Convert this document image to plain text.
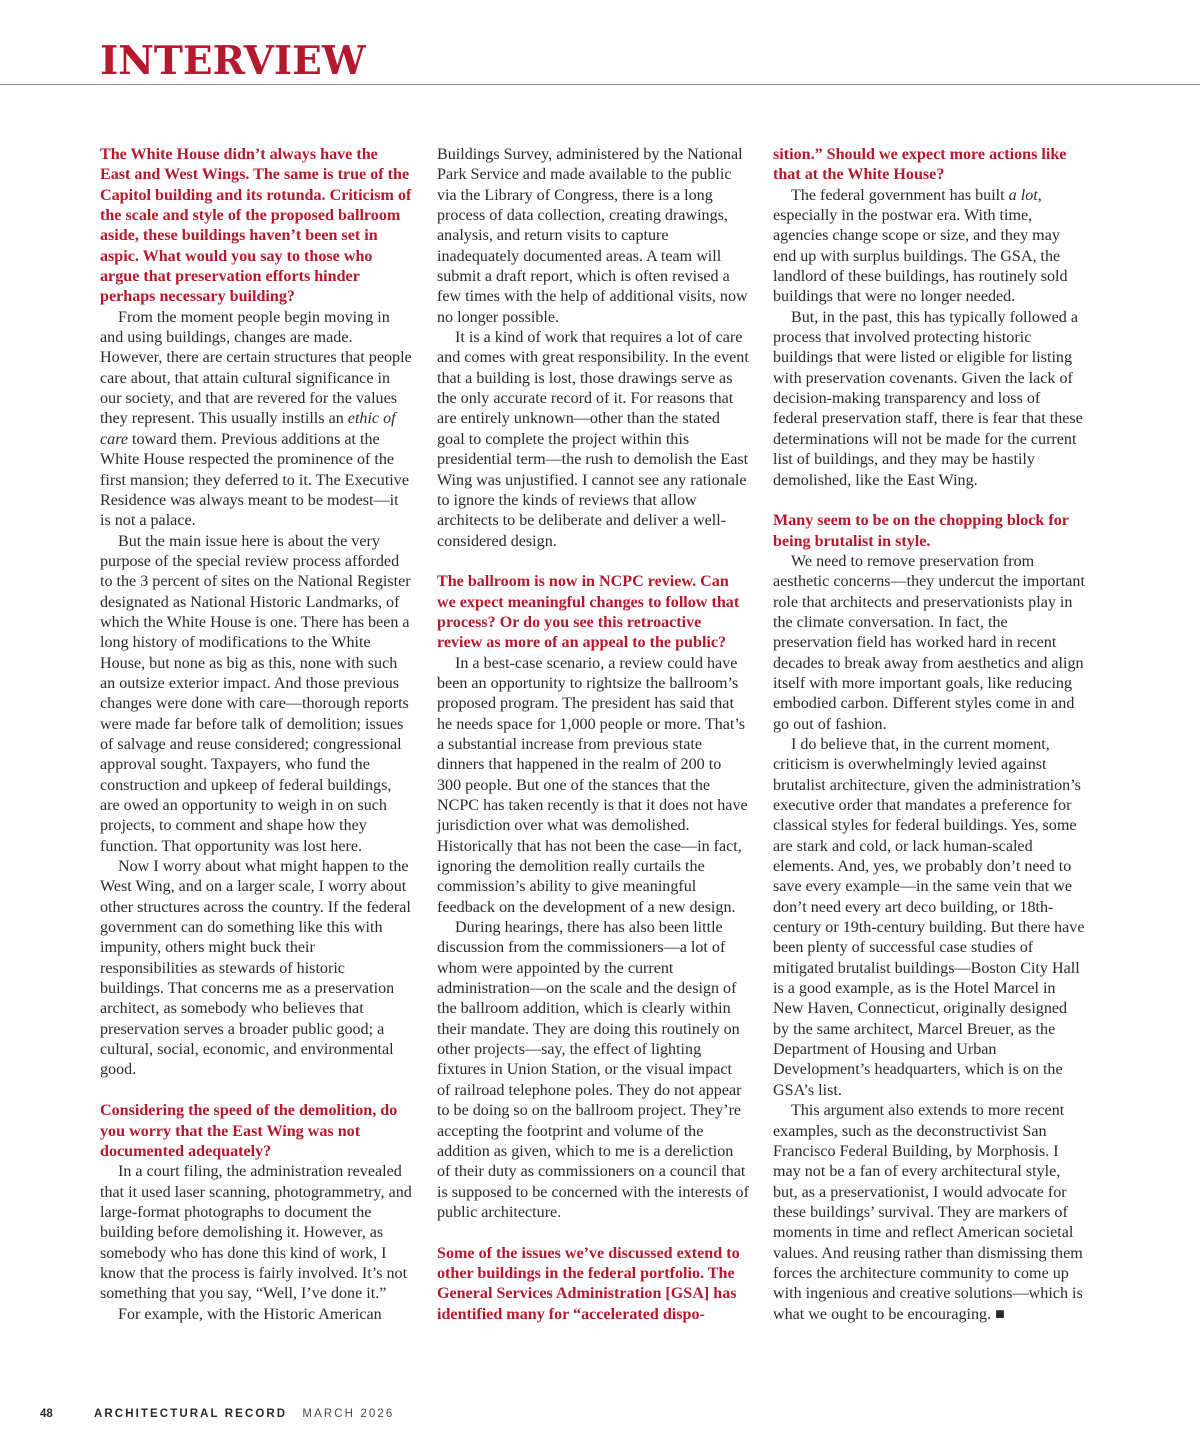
INTERVIEW

The White House didn’t always have the East and West Wings. The same is true of the Capitol building and its rotunda. Criticism of the scale and style of the proposed ballroom aside, these buildings haven’t been set in aspic. What would you say to those who argue that preservation efforts hinder perhaps necessary building?

From the moment people begin moving in and using buildings, changes are made. However, there are certain structures that people care about, that attain cultural significance in our society, and that are revered for the values they represent. This usually instills an ethic of care toward them. Previous additions at the White House respected the prominence of the first mansion; they deferred to it. The Executive Residence was always meant to be modest—it is not a palace.

But the main issue here is about the very purpose of the special review process afforded to the 3 percent of sites on the National Register designated as National Historic Landmarks, of which the White House is one. There has been a long history of modifications to the White House, but none as big as this, none with such an outsize exterior impact. And those previous changes were done with care—thorough reports were made far before talk of demolition; issues of salvage and reuse considered; congressional approval sought. Taxpayers, who fund the construction and upkeep of federal buildings, are owed an opportunity to weigh in on such projects, to comment and shape how they function. That opportunity was lost here.

Now I worry about what might happen to the West Wing, and on a larger scale, I worry about other structures across the country. If the federal government can do something like this with impunity, others might buck their responsibilities as stewards of historic buildings. That concerns me as a preservation architect, as somebody who believes that preservation serves a broader public good; a cultural, social, economic, and environmental good.

Considering the speed of the demolition, do you worry that the East Wing was not documented adequately?

In a court filing, the administration revealed that it used laser scanning, photogrammetry, and large-format photographs to document the building before demolishing it. However, as somebody who has done this kind of work, I know that the process is fairly involved. It’s not something that you say, “Well, I’ve done it.”

For example, with the Historic American

Buildings Survey, administered by the National Park Service and made available to the public via the Library of Congress, there is a long process of data collection, creating drawings, analysis, and return visits to capture inadequately documented areas. A team will submit a draft report, which is often revised a few times with the help of additional visits, now no longer possible.

It is a kind of work that requires a lot of care and comes with great responsibility. In the event that a building is lost, those drawings serve as the only accurate record of it. For reasons that are entirely unknown—other than the stated goal to complete the project within this presidential term—the rush to demolish the East Wing was unjustified. I cannot see any rationale to ignore the kinds of reviews that allow architects to be deliberate and deliver a well-considered design.

The ballroom is now in NCPC review. Can we expect meaningful changes to follow that process? Or do you see this retroactive review as more of an appeal to the public?

In a best-case scenario, a review could have been an opportunity to rightsize the ballroom’s proposed program. The president has said that he needs space for 1,000 people or more. That’s a substantial increase from previous state dinners that happened in the realm of 200 to 300 people. But one of the stances that the NCPC has taken recently is that it does not have jurisdiction over what was demolished. Historically that has not been the case—in fact, ignoring the demolition really curtails the commission’s ability to give meaningful feedback on the development of a new design.

During hearings, there has also been little discussion from the commissioners—a lot of whom were appointed by the current administration—on the scale and the design of the ballroom addition, which is clearly within their mandate. They are doing this routinely on other projects—say, the effect of lighting fixtures in Union Station, or the visual impact of railroad telephone poles. They do not appear to be doing so on the ballroom project. They’re accepting the footprint and volume of the addition as given, which to me is a dereliction of their duty as commissioners on a council that is supposed to be concerned with the interests of public architecture.

Some of the issues we’ve discussed extend to other buildings in the federal portfolio. The General Services Administration [GSA] has identified many for “accelerated dispo-

sition.” Should we expect more actions like that at the White House?

The federal government has built a lot, especially in the postwar era. With time, agencies change scope or size, and they may end up with surplus buildings. The GSA, the landlord of these buildings, has routinely sold buildings that were no longer needed.

But, in the past, this has typically followed a process that involved protecting historic buildings that were listed or eligible for listing with preservation covenants. Given the lack of decision-making transparency and loss of federal preservation staff, there is fear that these determinations will not be made for the current list of buildings, and they may be hastily demolished, like the East Wing.

Many seem to be on the chopping block for being brutalist in style.

We need to remove preservation from aesthetic concerns—they undercut the important role that architects and preservationists play in the climate conversation. In fact, the preservation field has worked hard in recent decades to break away from aesthetics and align itself with more important goals, like reducing embodied carbon. Different styles come in and go out of fashion.

I do believe that, in the current moment, criticism is overwhelmingly levied against brutalist architecture, given the administration’s executive order that mandates a preference for classical styles for federal buildings. Yes, some are stark and cold, or lack human-scaled elements. And, yes, we probably don’t need to save every example—in the same vein that we don’t need every art deco building, or 18th-century or 19th-century building. But there have been plenty of successful case studies of mitigated brutalist buildings—Boston City Hall is a good example, as is the Hotel Marcel in New Haven, Connecticut, originally designed by the same architect, Marcel Breuer, as the Department of Housing and Urban Development’s headquarters, which is on the GSA’s list.

This argument also extends to more recent examples, such as the deconstructivist San Francisco Federal Building, by Morphosis. I may not be a fan of every architectural style, but, as a preservationist, I would advocate for these buildings’ survival. They are markers of moments in time and reflect American societal values. And reusing rather than dismissing them forces the architecture community to come up with ingenious and creative solutions—which is what we ought to be encouraging. ■

48	ARCHITECTURAL RECORD MARCH 2026
